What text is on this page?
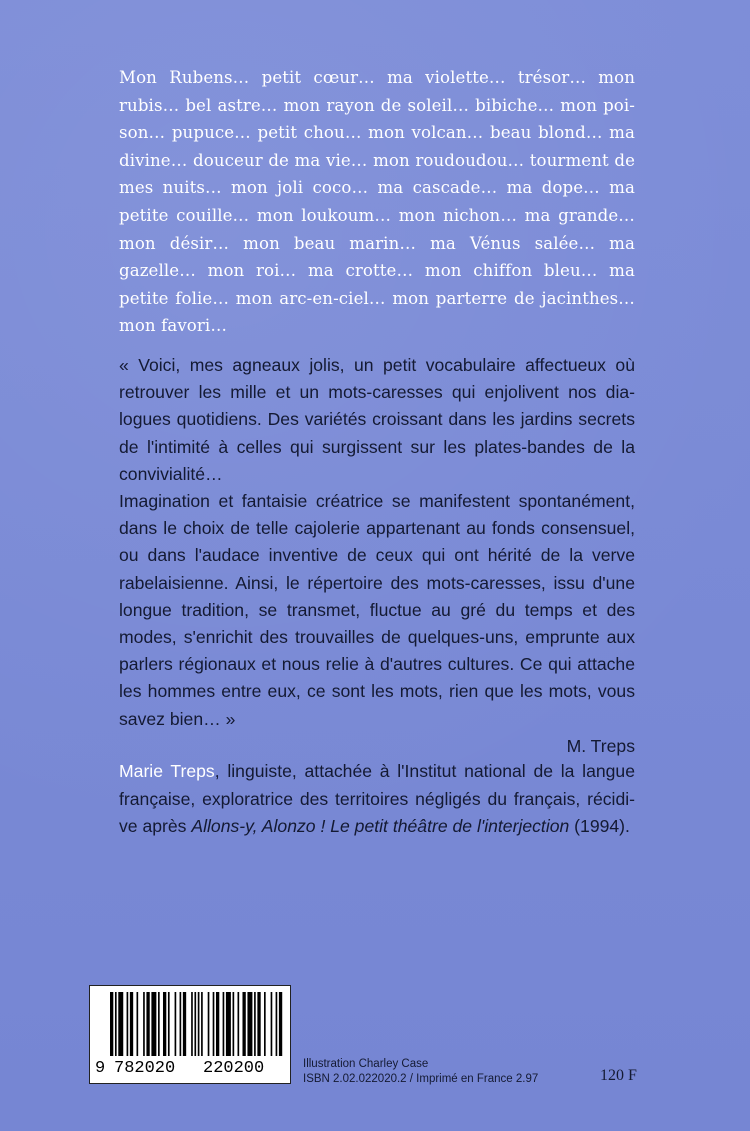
Mon Rubens… petit cœur… ma violette… trésor… mon rubis… bel astre… mon rayon de soleil… bibiche… mon poi-son… pupuce… petit chou… mon volcan… beau blond… ma divine… douceur de ma vie… mon roudoudou… tourment de mes nuits… mon joli coco… ma cascade… ma dope… ma petite couille… mon loukoum… mon nichon… ma grande… mon désir… mon beau marin… ma Vénus salée… ma gazelle… mon roi… ma crotte… mon chiffon bleu… ma petite folie… mon arc-en-ciel… mon parterre de jacinthes… mon favori…

« Voici, mes agneaux jolis, un petit vocabulaire affectueux où retrouver les mille et un mots-caresses qui enjolivent nos dia-logues quotidiens. Des variétés croissant dans les jardins secrets de l'intimité à celles qui surgissent sur les plates-bandes de la convivialité…

Imagination et fantaisie créatrice se manifestent spontanément, dans le choix de telle cajolerie appartenant au fonds consensuel, ou dans l'audace inventive de ceux qui ont hérité de la verve rabelaisienne. Ainsi, le répertoire des mots-caresses, issu d'une longue tradition, se transmet, fluctue au gré du temps et des modes, s'enrichit des trouvailles de quelques-uns, emprunte aux parlers régionaux et nous relie à d'autres cultures. Ce qui attache les hommes entre eux, ce sont les mots, rien que les mots, vous savez bien… »

M. Treps

Marie Treps, linguiste, attachée à l'Institut national de la langue française, exploratrice des territoires négligés du français, récidi-ve après Allons-y, Alonzo ! Le petit théâtre de l'interjection (1994).
9 782020 220200	Illustration Charley Case
ISBN 2.02.022020.2 / Imprimé en France 2.97	120 F
